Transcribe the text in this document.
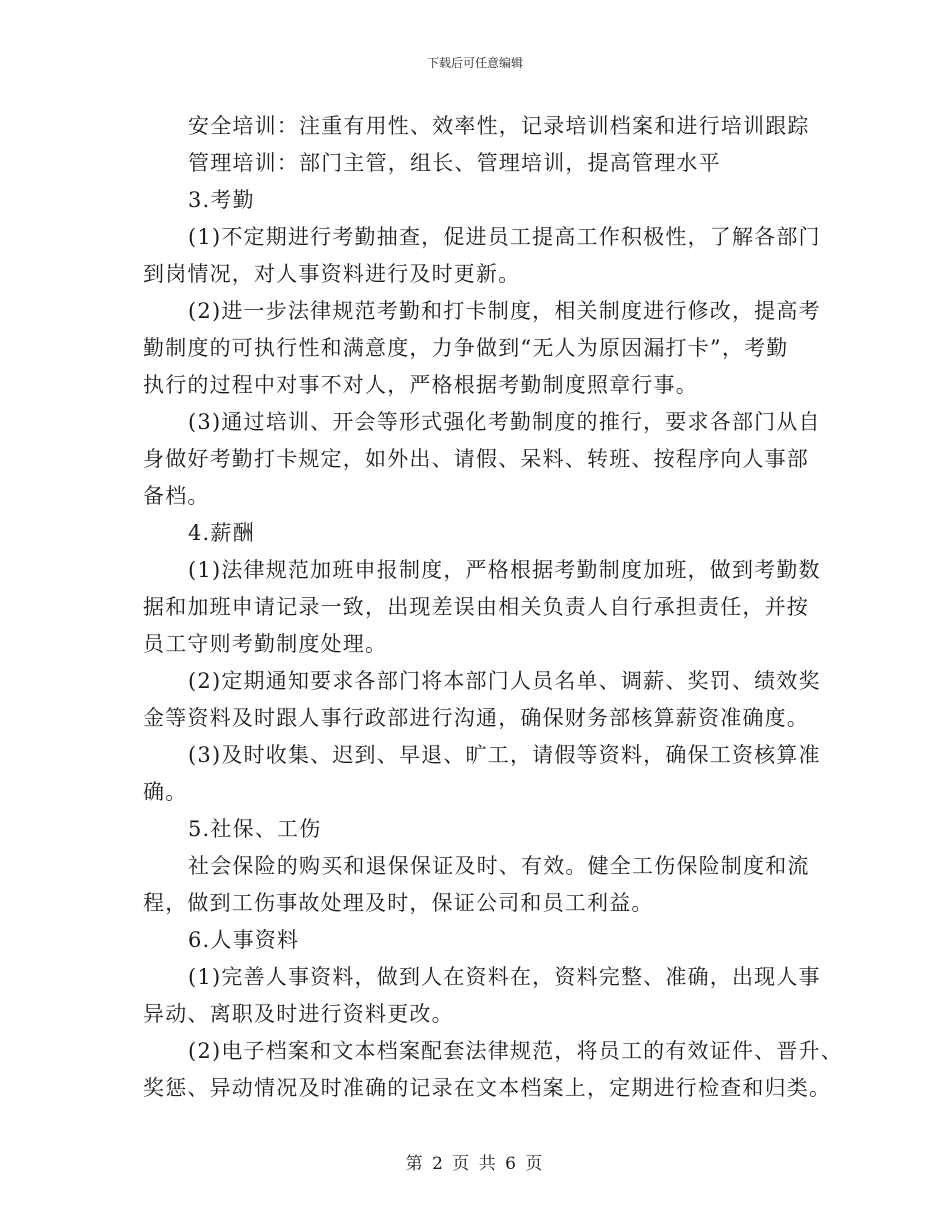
下载后可任意编辑
安全培训：注重有用性、效率性，记录培训档案和进行培训跟踪
管理培训：部门主管，组长、管理培训，提高管理水平
3.考勤
(1)不定期进行考勤抽查，促进员工提高工作积极性，了解各部门
到岗情况，对人事资料进行及时更新。
(2)进一步法律规范考勤和打卡制度，相关制度进行修改，提高考
勤制度的可执行性和满意度，力争做到“无人为原因漏打卡”，考勤
执行的过程中对事不对人，严格根据考勤制度照章行事。
(3)通过培训、开会等形式强化考勤制度的推行，要求各部门从自
身做好考勤打卡规定，如外出、请假、呆料、转班、按程序向人事部
备档。
4.薪酬
(1)法律规范加班申报制度，严格根据考勤制度加班，做到考勤数
据和加班申请记录一致，出现差误由相关负责人自行承担责任，并按
员工守则考勤制度处理。
(2)定期通知要求各部门将本部门人员名单、调薪、奖罚、绩效奖
金等资料及时跟人事行政部进行沟通，确保财务部核算薪资准确度。
(3)及时收集、迟到、早退、旷工，请假等资料，确保工资核算准
确。
5.社保、工伤
社会保险的购买和退保保证及时、有效。健全工伤保险制度和流
程，做到工伤事故处理及时，保证公司和员工利益。
6.人事资料
(1)完善人事资料，做到人在资料在，资料完整、准确，出现人事
异动、离职及时进行资料更改。
(2)电子档案和文本档案配套法律规范，将员工的有效证件、晋升、
奖惩、异动情况及时准确的记录在文本档案上，定期进行检查和归类。
第 2 页 共 6 页
